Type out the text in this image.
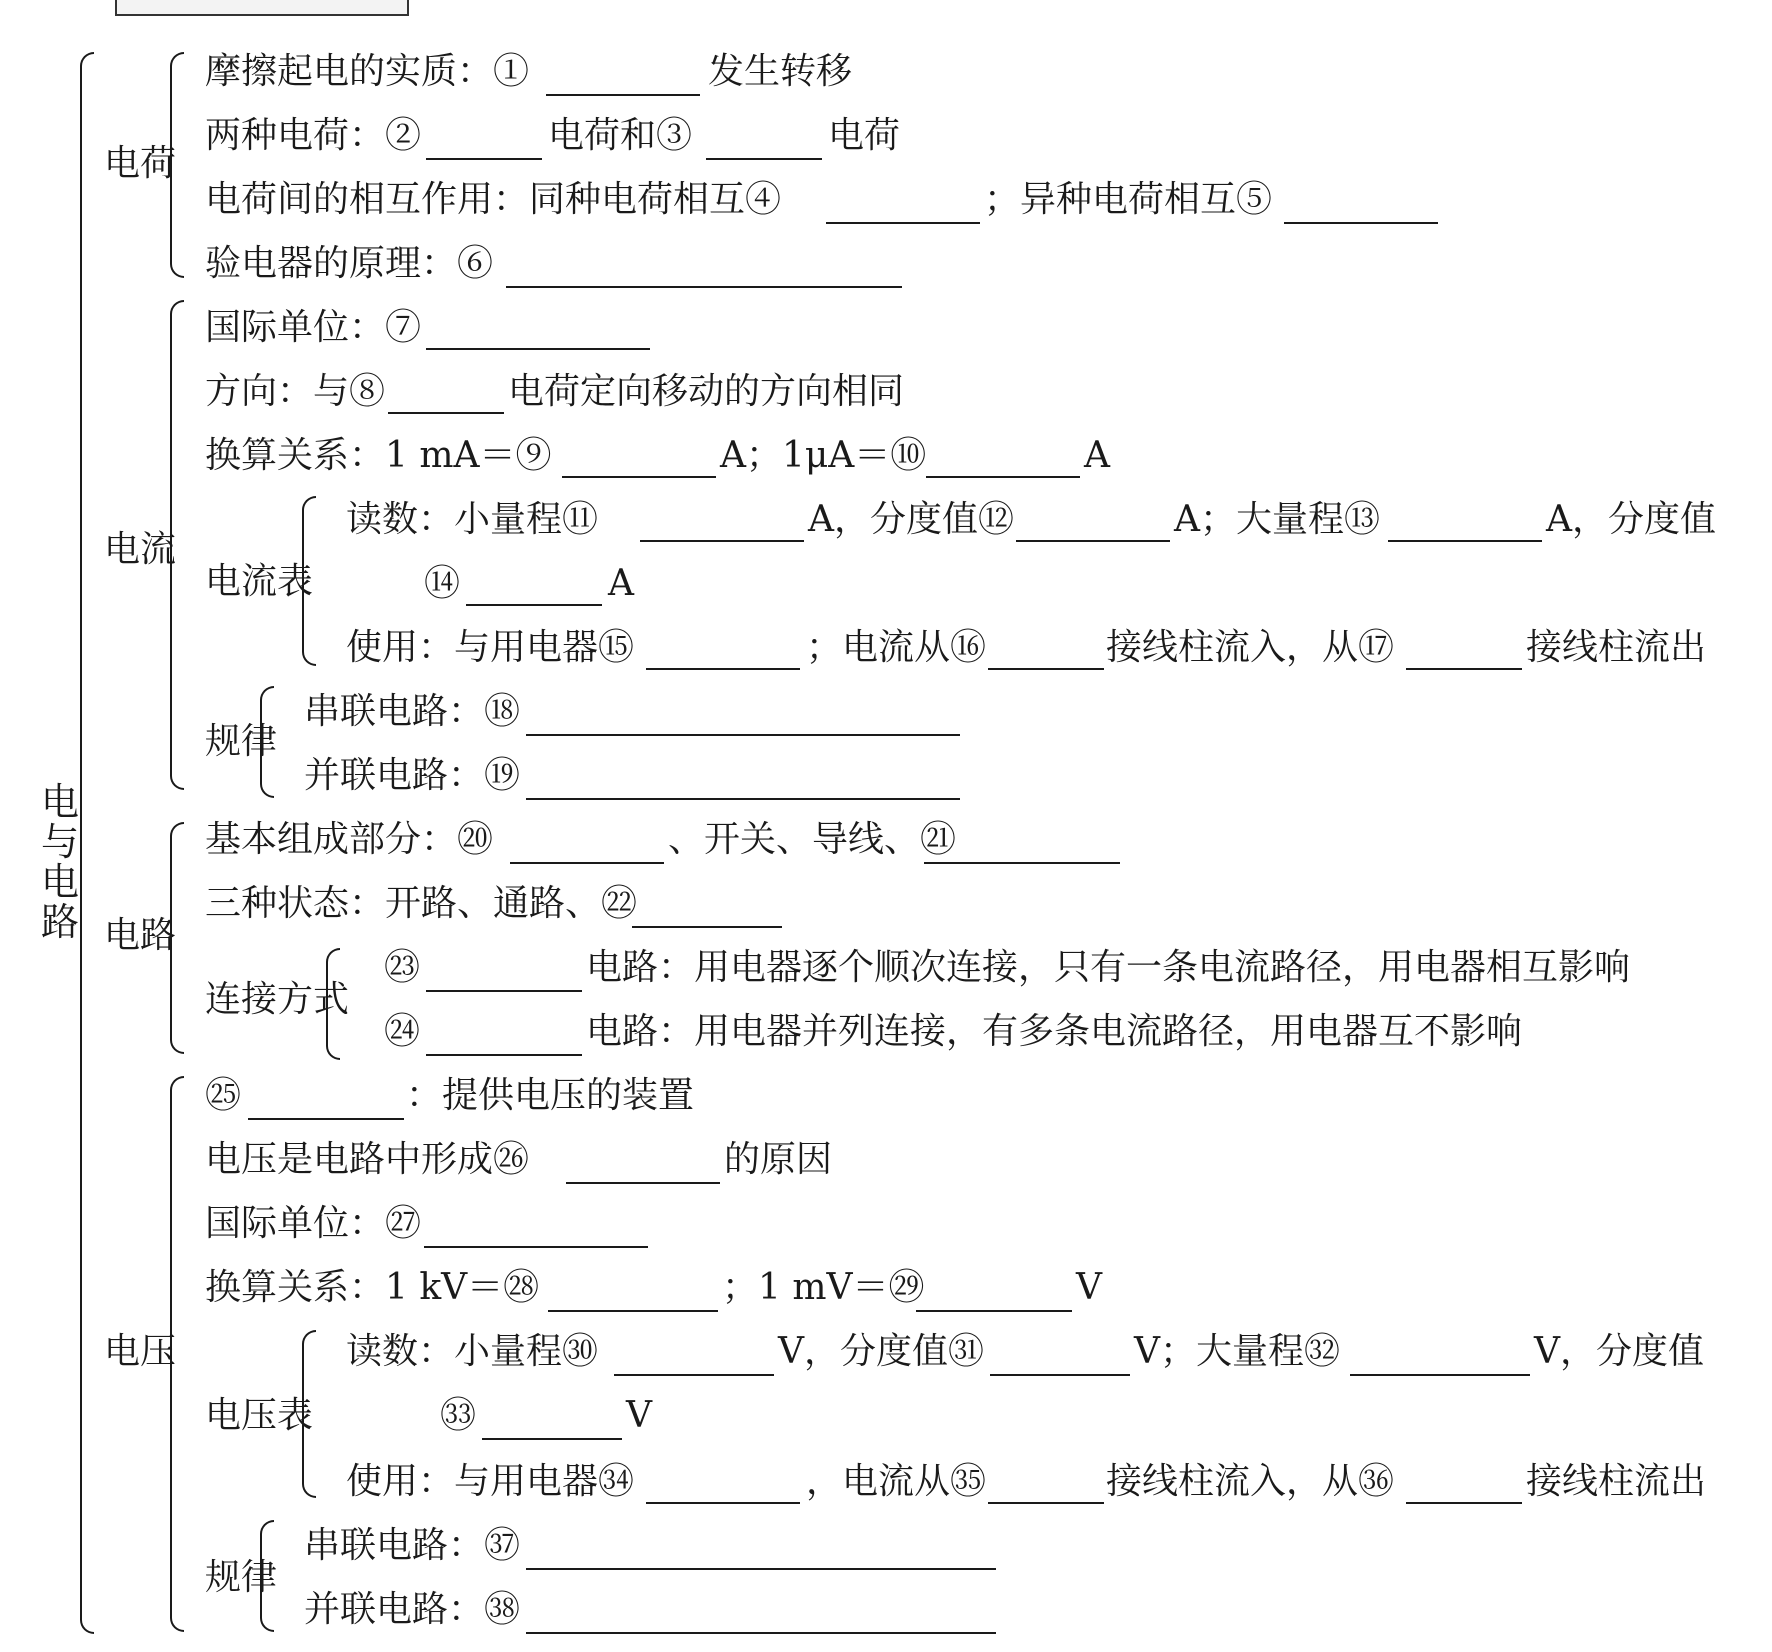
电与电路
电荷
摩擦起电的实质：①	发生转移
两种电荷：②	电荷和③	电荷
电荷间的相互作用：同种电荷相互④	；异种电荷相互⑤
验电器的原理：⑥
电流
国际单位：⑦
方向：与⑧	电荷定向移动的方向相同
换算关系：1 mA＝⑨	A；1μA＝⑩	A
电流表
读数：小量程⑪	A，分度值⑫	A；大量程⑬	A，分度值
⑭	A
使用：与用电器⑮	；电流从⑯	接线柱流入，从⑰	接线柱流出
规律
串联电路：⑱
并联电路：⑲
电路
基本组成部分：⑳	、开关、导线、㉑
三种状态：开路、通路、㉒
连接方式
㉓	电路：用电器逐个顺次连接，只有一条电流路径，用电器相互影响
㉔	电路：用电器并列连接，有多条电流路径，用电器互不影响
电压
㉕	：提供电压的装置
电压是电路中形成㉖	的原因
国际单位：㉗
换算关系：1 kV＝㉘	；1 mV＝㉙	V
电压表
读数：小量程㉚	V，分度值㉛	V；大量程㉜	V，分度值
㉝	V
使用：与用电器㉞	，电流从㉟	接线柱流入，从㊱	接线柱流出
规律
串联电路：㊲
并联电路：㊳
